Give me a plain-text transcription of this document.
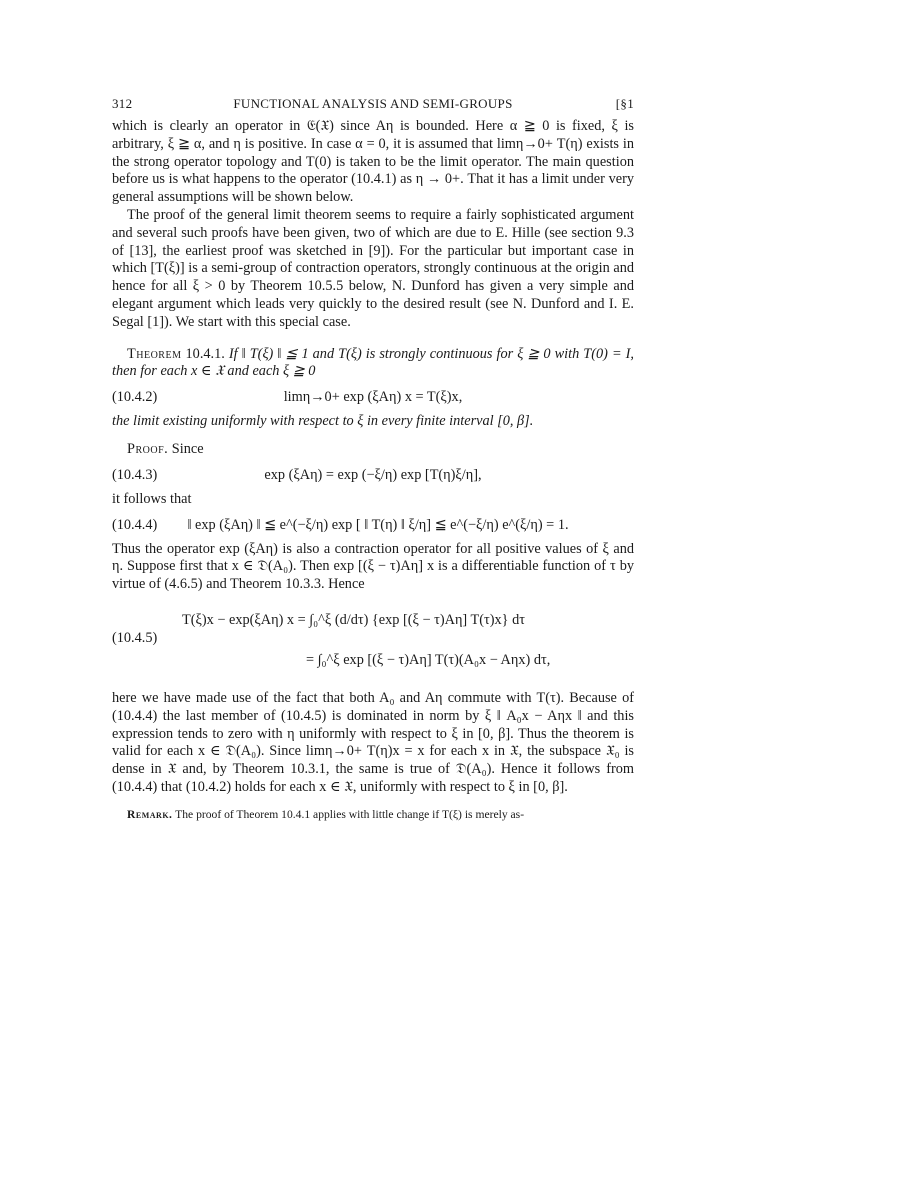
312	FUNCTIONAL ANALYSIS AND SEMI-GROUPS	[§1

which is clearly an operator in 𝔈(𝔛) since Aη is bounded. Here α ≧ 0 is fixed, ξ is arbitrary, ξ ≧ α, and η is positive. In case α = 0, it is assumed that limη→0+ T(η) exists in the strong operator topology and T(0) is taken to be the limit operator. The main question before us is what happens to the operator (10.4.1) as η → 0+. That it has a limit under very general assumptions will be shown below.

The proof of the general limit theorem seems to require a fairly sophisticated argument and several such proofs have been given, two of which are due to E. Hille (see section 9.3 of [13], the earliest proof was sketched in [9]). For the particular but important case in which [T(ξ)] is a semi-group of contraction operators, strongly continuous at the origin and hence for all ξ > 0 by Theorem 10.5.5 below, N. Dunford has given a very simple and elegant argument which leads very quickly to the desired result (see N. Dunford and I. E. Segal [1]). We start with this special case.

Theorem 10.4.1. If ‖ T(ξ) ‖ ≦ 1 and T(ξ) is strongly continuous for ξ ≧ 0 with T(0) = I, then for each x ∈ 𝔛 and each ξ ≧ 0

(10.4.2)	limη→0+ exp (ξAη) x = T(ξ)x,

the limit existing uniformly with respect to ξ in every finite interval [0, β].

Proof. Since

(10.4.3)	exp (ξAη) = exp (−ξ/η) exp [T(η)ξ/η],

it follows that

(10.4.4)	‖ exp (ξAη) ‖ ≦ e^(−ξ/η) exp [ ‖ T(η) ‖ ξ/η] ≦ e^(−ξ/η) e^(ξ/η) = 1.

Thus the operator exp (ξAη) is also a contraction operator for all positive values of ξ and η. Suppose first that x ∈ 𝔇(A₀). Then exp [(ξ − τ)Aη] x is a differentiable function of τ by virtue of (4.6.5) and Theorem 10.3.3. Hence

(10.4.5)
T(ξ)x − exp(ξAη) x = ∫₀^ξ (d/dτ) {exp [(ξ − τ)Aη] T(τ)x} dτ
= ∫₀^ξ exp [(ξ − τ)Aη] T(τ)(A₀x − Aηx) dτ,

here we have made use of the fact that both A₀ and Aη commute with T(τ). Because of (10.4.4) the last member of (10.4.5) is dominated in norm by ξ ‖ A₀x − Aηx ‖ and this expression tends to zero with η uniformly with respect to ξ in [0, β]. Thus the theorem is valid for each x ∈ 𝔇(A₀). Since limη→0+ T(η)x = x for each x in 𝔛, the subspace 𝔛₀ is dense in 𝔛 and, by Theorem 10.3.1, the same is true of 𝔇(A₀). Hence it follows from (10.4.4) that (10.4.2) holds for each x ∈ 𝔛, uniformly with respect to ξ in [0, β].

Remark. The proof of Theorem 10.4.1 applies with little change if T(ξ) is merely as-
